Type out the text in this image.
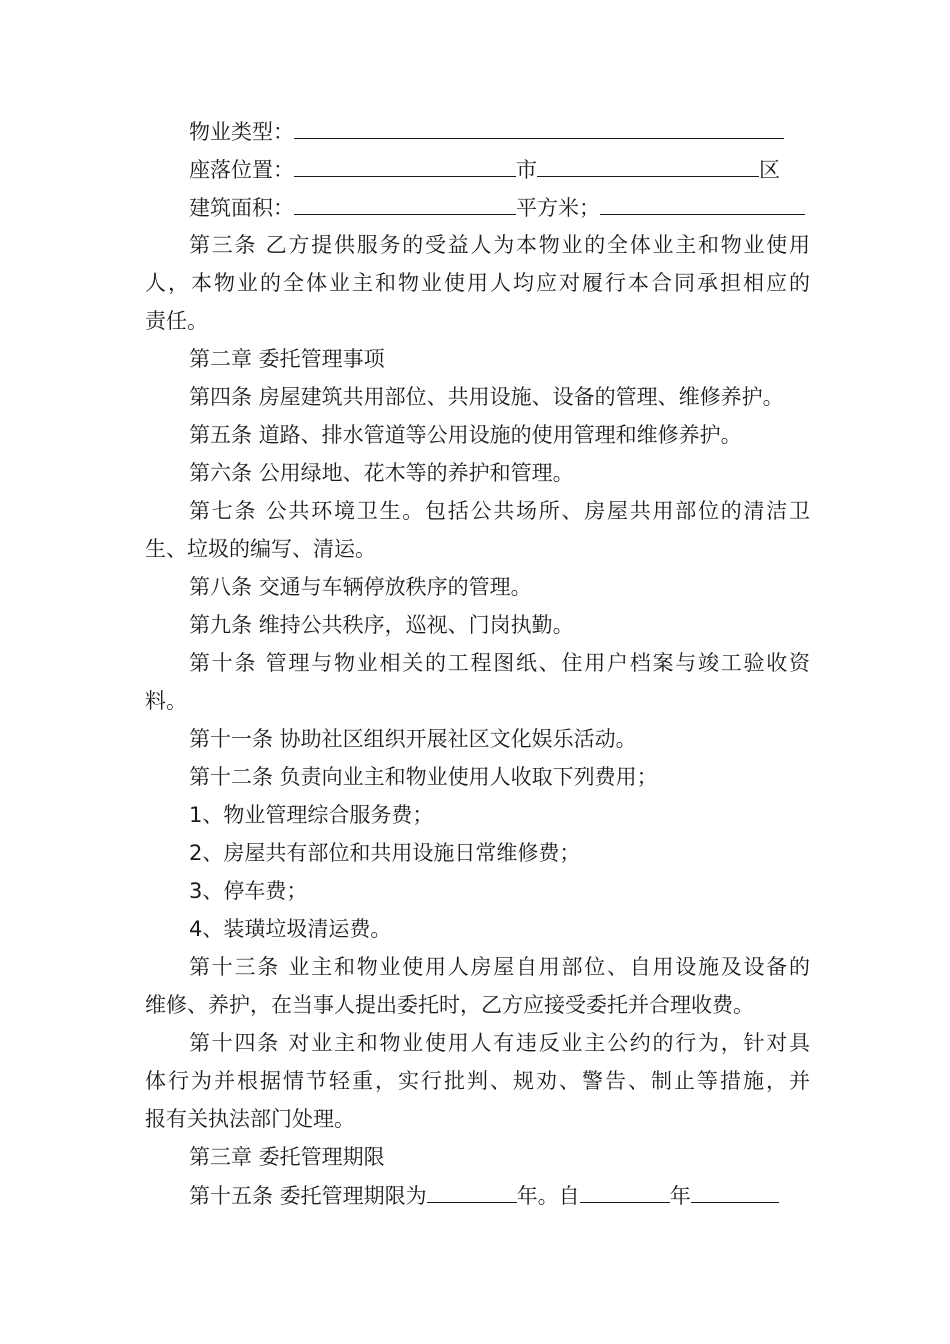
物业类型：
座落位置：	市	区
建筑面积：	平方米；
第三条 乙方提供服务的受益人为本物业的全体业主和物业使用
人，本物业的全体业主和物业使用人均应对履行本合同承担相应的
责任。
第二章 委托管理事项
第四条 房屋建筑共用部位、共用设施、设备的管理、维修养护。
第五条 道路、排水管道等公用设施的使用管理和维修养护。
第六条 公用绿地、花木等的养护和管理。
第七条 公共环境卫生。包括公共场所、房屋共用部位的清洁卫
生、垃圾的编写、清运。
第八条 交通与车辆停放秩序的管理。
第九条 维持公共秩序，巡视、门岗执勤。
第十条 管理与物业相关的工程图纸、住用户档案与竣工验收资
料。
第十一条 协助社区组织开展社区文化娱乐活动。
第十二条 负责向业主和物业使用人收取下列费用；
1、物业管理综合服务费；
2、房屋共有部位和共用设施日常维修费；
3、停车费；
4、装璜垃圾清运费。
第十三条 业主和物业使用人房屋自用部位、自用设施及设备的
维修、养护，在当事人提出委托时，乙方应接受委托并合理收费。
第十四条 对业主和物业使用人有违反业主公约的行为，针对具
体行为并根据情节轻重，实行批判、规劝、警告、制止等措施，并
报有关执法部门处理。
第三章 委托管理期限
第十五条 委托管理期限为	年。自	年
